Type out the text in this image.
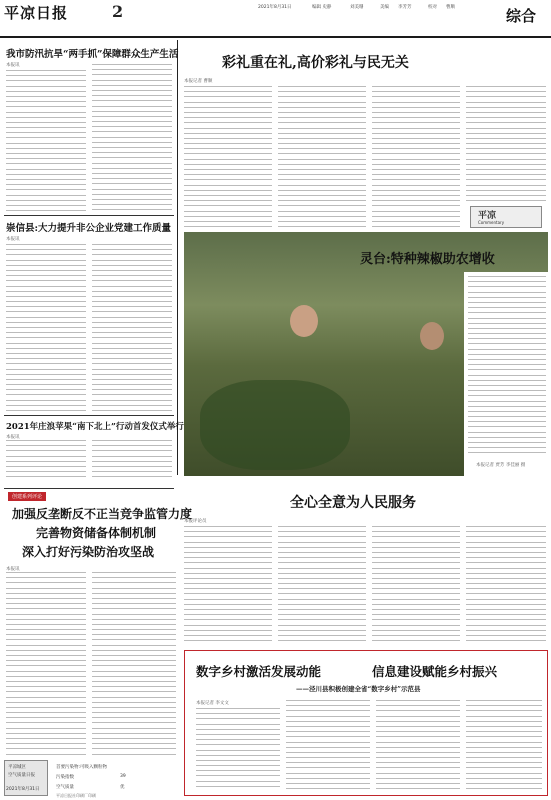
平凉日报	2	2021年8月31日	编辑 史静	刘美珊	美编 李芳芳	校对 曹顺	综合
我市防汛抗旱“两手抓”保障群众生产生活
本报讯
崇信县:大力提升非公企业党建工作质量
本报讯
2021年庄浪苹果“南下北上”行动首发仪式举行
本报讯
创建系列评论
加强反垄断反不正当竞争监管力度
完善物资储备体制机制
深入打好污染防治攻坚战
本报讯
平凉城区
空气质量日报
2021年8月31日
首要污染物:可吸入颗粒物
污染指数	39
空气质量	优
平凉日报社印刷厂印刷
彩礼重在礼,高价彩礼与民无关
本报记者 曹顺
平凉
Commentary
灵台:特种辣椒助农增收
本报记者 贾芳 李佳丽 摄
全心全意为人民服务
本报评论员
数字乡村激活发展动能	信息建设赋能乡村振兴
——泾川县积极创建全省“数字乡村”示范县
本报记者 李文文
